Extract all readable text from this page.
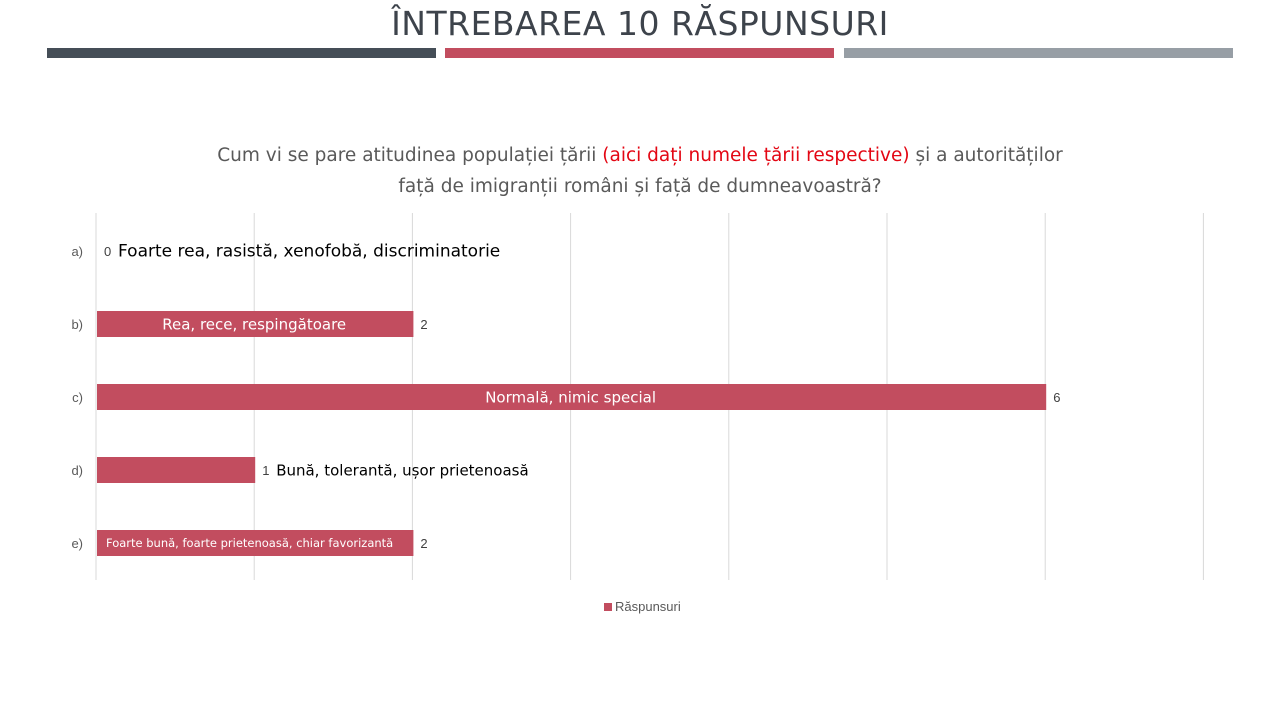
ÎNTREBAREA 10 RĂSPUNSURI
Cum vi se pare atitudinea populației țării (aici dați numele țării respective) și a autorităților față de imigranții români și față de dumneavoastră?
a) 0 Foarte rea, rasistă, xenofobă, discriminatorie
b)	2
Rea, rece, respingătoare
c)	6
Normală, nimic special
d)	1 Bună, tolerantă, ușor prietenoasă
e)	2
Foarte bună, foarte prietenoasă, chiar favorizantă
Răspunsuri
